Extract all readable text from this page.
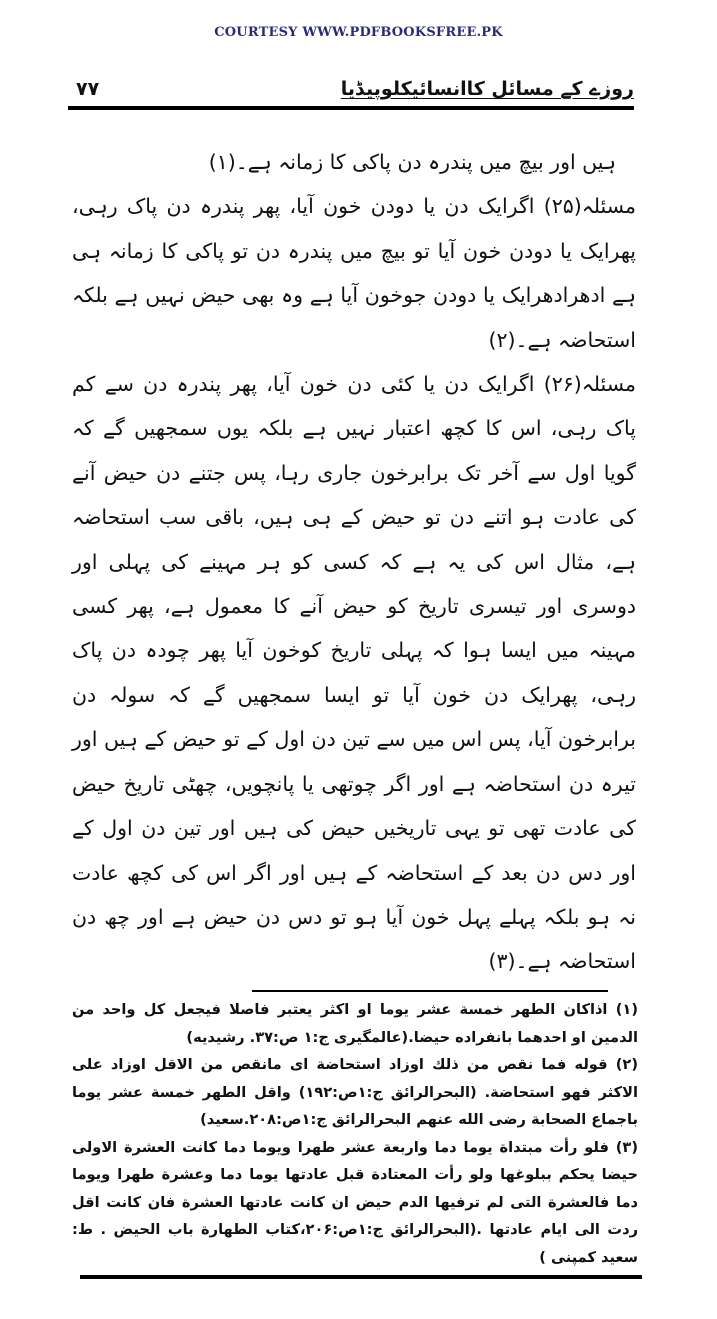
COURTESY WWW.PDFBOOKSFREE.PK
۷۷	روزے کے مسائل کاانسائیکلوپیڈیا

ہیں اور بیچ میں پندرہ دن پاکی کا زمانہ ہے۔(۱)

مسئلہ(۲۵) اگرایک دن یا دودن خون آیا، پھر پندرہ دن پاک رہی، پھرایک یا دودن خون آیا تو بیچ میں پندرہ دن تو پاکی کا زمانہ ہی ہے ادھرادھرایک یا دودن جوخون آیا ہے وہ بھی حیض نہیں ہے بلکہ استحاضہ ہے۔(۲)

مسئلہ(۲۶) اگرایک دن یا کئی دن خون آیا، پھر پندرہ دن سے کم پاک رہی، اس کا کچھ اعتبار نہیں ہے بلکہ یوں سمجھیں گے کہ گویا اول سے آخر تک برابرخون جاری رہا، پس جتنے دن حیض آنے کی عادت ہو اتنے دن تو حیض کے ہی ہیں، باقی سب استحاضہ ہے، مثال اس کی یہ ہے کہ کسی کو ہر مہینے کی پہلی اور دوسری اور تیسری تاریخ کو حیض آنے کا معمول ہے، پھر کسی مہینہ میں ایسا ہوا کہ پہلی تاریخ کوخون آیا پھر چودہ دن پاک رہی، پھرایک دن خون آیا تو ایسا سمجھیں گے کہ سولہ دن برابرخون آیا، پس اس میں سے تین دن اول کے تو حیض کے ہیں اور تیرہ دن استحاضہ ہے اور اگر چوتھی یا پانچویں، چھٹی تاریخ حیض کی عادت تھی تو یہی تاریخیں حیض کی ہیں اور تین دن اول کے اور دس دن بعد کے استحاضہ کے ہیں اور اگر اس کی کچھ عادت نہ ہو بلکہ پہلے پہل خون آیا ہو تو دس دن حیض ہے اور چھ دن استحاضہ ہے۔(۳)

(۱) اذاكان الطهر خمسة عشر يوما او اكثر يعتبر فاصلا فيجعل كل واحد من الدمين او احدهما بانفراده حيضا.(عالمگیری ج:۱ ص:۳۷. رشیدیه)

(۲) قوله فما نقص من ذلك اوزاد استحاضة اى مانقص من الاقل اوزاد على الاكثر فهو استحاضة. (البحرالرائق ج:۱ص:۱۹۲) واقل الطهر خمسة عشر يوما باجماع الصحابة رضى الله عنهم البحرالرائق ج:۱ص:۲۰۸.سعید)

(۳) فلو رأت مبتداة يوما دما واربعة عشر طهرا ويوما دما كانت العشرة الاولى حيضا يحكم ببلوغها ولو رأت المعتادة قبل عادتها يوما دما وعشرة طهرا ويوما دما فالعشرة التى لم ترفيها الدم حيض ان كانت عادتها العشرة فان كانت اقل ردت الى ايام عادتها .(البحرالرائق ج:۱ص:۲۰۶،كتاب الطهارة باب الحيض . ط: سعید کمپنی )
